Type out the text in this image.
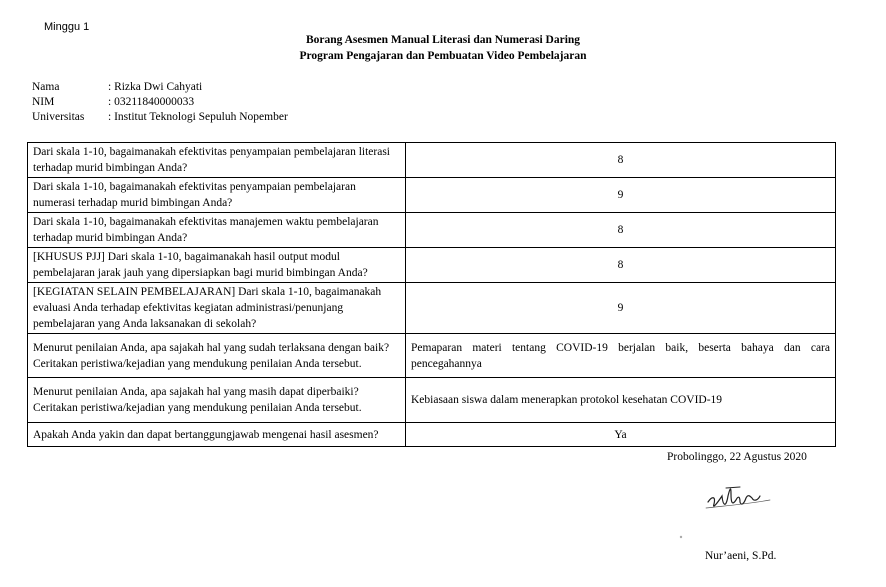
Minggu 1
Borang Asesmen Manual Literasi dan Numerasi Daring
Program Pengajaran dan Pembuatan Video Pembelajaran
Nama	: Rizka Dwi Cahyati
NIM	: 03211840000033
Universitas	: Institut Teknologi Sepuluh Nopember
Dari skala 1-10, bagaimanakah efektivitas penyampaian pembelajaran literasi terhadap murid bimbingan Anda?	8
Dari skala 1-10, bagaimanakah efektivitas penyampaian pembelajaran numerasi terhadap murid bimbingan Anda?	9
Dari skala 1-10, bagaimanakah efektivitas manajemen waktu pembelajaran terhadap murid bimbingan Anda?	8
[KHUSUS PJJ] Dari skala 1-10, bagaimanakah hasil output modul pembelajaran jarak jauh yang dipersiapkan bagi murid bimbingan Anda?	8
[KEGIATAN SELAIN PEMBELAJARAN] Dari skala 1-10, bagaimanakah evaluasi Anda terhadap efektivitas kegiatan administrasi/penunjang pembelajaran yang Anda laksanakan di sekolah?	9
Menurut penilaian Anda, apa sajakah hal yang sudah terlaksana dengan baik? Ceritakan peristiwa/kejadian yang mendukung penilaian Anda tersebut.	Pemaparan materi tentang COVID-19 berjalan baik, beserta bahaya dan cara pencegahannya
Menurut penilaian Anda, apa sajakah hal yang masih dapat diperbaiki? Ceritakan peristiwa/kejadian yang mendukung penilaian Anda tersebut.	Kebiasaan siswa dalam menerapkan protokol kesehatan COVID-19
Apakah Anda yakin dan dapat bertanggungjawab mengenai hasil asesmen?	Ya
Probolinggo, 22 Agustus 2020
Nur’aeni, S.Pd.
